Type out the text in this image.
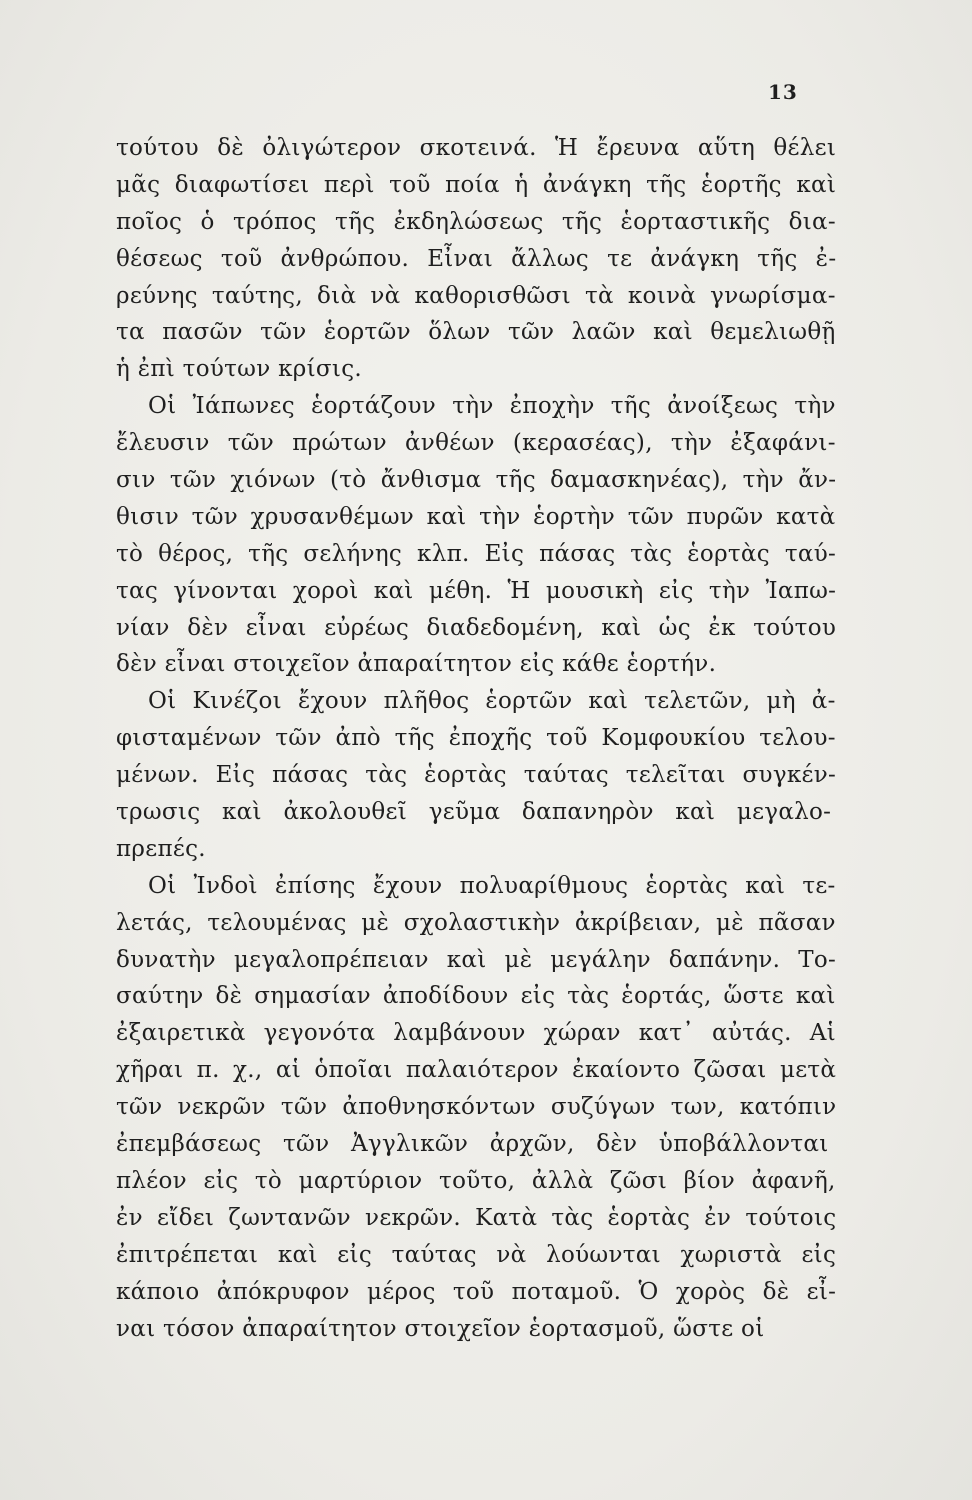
13
τούτου δὲ ὀλιγώτερον σκοτεινά. Ἡ ἔρευνα αὕτη θέλει
μᾶς διαφωτίσει περὶ τοῦ ποία ἡ ἀνάγκη τῆς ἑορτῆς καὶ
ποῖος ὁ τρόπος τῆς ἐκδηλώσεως τῆς ἑορταστικῆς δια-
θέσεως τοῦ ἀνθρώπου. Εἶναι ἄλλως τε ἀνάγκη τῆς ἐ-
ρεύνης ταύτης, διὰ νὰ καθορισθῶσι τὰ κοινὰ γνωρίσμα-
τα πασῶν τῶν ἑορτῶν ὅλων τῶν λαῶν καὶ θεμελιωθῇ
ἡ ἐπὶ τούτων κρίσις.
Οἱ Ἰάπωνες ἑορτάζουν τὴν ἐποχὴν τῆς ἀνοίξεως τὴν
ἔλευσιν τῶν πρώτων ἀνθέων (κερασέας), τὴν ἐξαφάνι-
σιν τῶν χιόνων (τὸ ἄνθισμα τῆς δαμασκηνέας), τὴν ἄν-
θισιν τῶν χρυσανθέμων καὶ τὴν ἑορτὴν τῶν πυρῶν κατὰ
τὸ θέρος, τῆς σελήνης κλπ. Εἰς πάσας τὰς ἑορτὰς ταύ-
τας γίνονται χοροὶ καὶ μέθη. Ἡ μουσικὴ εἰς τὴν Ἰαπω-
νίαν δὲν εἶναι εὐρέως διαδεδομένη, καὶ ὡς ἐκ τούτου
δὲν εἶναι στοιχεῖον ἀπαραίτητον εἰς κάθε ἑορτήν.
Οἱ Κινέζοι ἔχουν πλῆθος ἑορτῶν καὶ τελετῶν, μὴ ἀ-
φισταμένων τῶν ἀπὸ τῆς ἐποχῆς τοῦ Κομφουκίου τελου-
μένων. Εἰς πάσας τὰς ἑορτὰς ταύτας τελεῖται συγκέν-
τρωσις καὶ ἀκολουθεῖ γεῦμα δαπανηρὸν καὶ μεγαλο-
πρεπές.
Οἱ Ἰνδοὶ ἐπίσης ἔχουν πολυαρίθμους ἑορτὰς καὶ τε-
λετάς, τελουμένας μὲ σχολαστικὴν ἀκρίβειαν, μὲ πᾶσαν
δυνατὴν μεγαλοπρέπειαν καὶ μὲ μεγάλην δαπάνην. Το-
σαύτην δὲ σημασίαν ἀποδίδουν εἰς τὰς ἑορτάς, ὥστε καὶ
ἐξαιρετικὰ γεγονότα λαμβάνουν χώραν κατ᾽ αὐτάς. Αἱ
χῆραι π. χ., αἱ ὁποῖαι παλαιότερον ἐκαίοντο ζῶσαι μετὰ
τῶν νεκρῶν τῶν ἀποθνησκόντων συζύγων των, κατόπιν
ἐπεμβάσεως τῶν Ἀγγλικῶν ἀρχῶν, δὲν ὑποβάλλονται
πλέον εἰς τὸ μαρτύριον τοῦτο, ἀλλὰ ζῶσι βίον ἀφανῆ,
ἐν εἴδει ζωντανῶν νεκρῶν. Κατὰ τὰς ἑορτὰς ἐν τούτοις
ἐπιτρέπεται καὶ εἰς ταύτας νὰ λούωνται χωριστὰ εἰς
κάποιο ἀπόκρυφον μέρος τοῦ ποταμοῦ. Ὁ χορὸς δὲ εἶ-
ναι τόσον ἀπαραίτητον στοιχεῖον ἑορτασμοῦ, ὥστε οἱ
